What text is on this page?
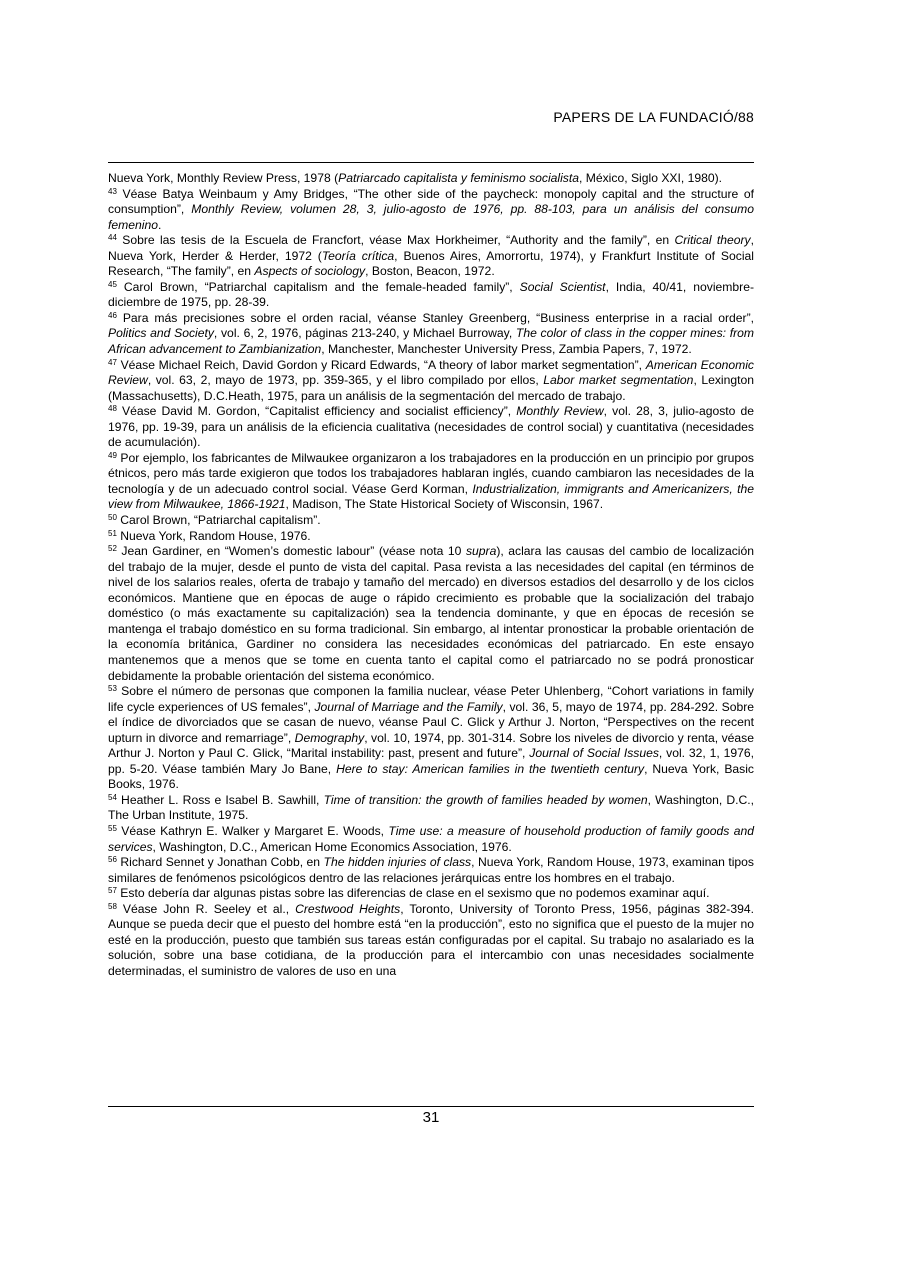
PAPERS DE LA FUNDACIÓ/88

Nueva York, Monthly Review Press, 1978 (Patriarcado capitalista y feminismo socialista, México, Siglo XXI, 1980).

$^{43}$ Véase Batya Weinbaum y Amy Bridges, “The other side of the paycheck: monopoly capital and the structure of consumption”, Monthly Review, volumen 28, 3, julio-agosto de 1976, pp. 88-103, para un análisis del consumo femenino.

$^{44}$ Sobre las tesis de la Escuela de Francfort, véase Max Horkheimer, “Authority and the family”, en Critical theory, Nueva York, Herder & Herder, 1972 (Teoría crítica, Buenos Aires, Amorrortu, 1974), y Frankfurt Institute of Social Research, “The family”, en Aspects of sociology, Boston, Beacon, 1972.

$^{45}$ Carol Brown, “Patriarchal capitalism and the female-headed family”, Social Scientist, India, 40/41, noviembre-diciembre de 1975, pp. 28-39.

$^{46}$ Para más precisiones sobre el orden racial, véanse Stanley Greenberg, “Business enterprise in a racial order”, Politics and Society, vol. 6, 2, 1976, páginas 213-240, y Michael Burroway, The color of class in the copper mines: from African advancement to Zambianization, Manchester, Manchester University Press, Zambia Papers, 7, 1972.

$^{47}$ Véase Michael Reich, David Gordon y Ricard Edwards, “A theory of labor market segmentation”, American Economic Review, vol. 63, 2, mayo de 1973, pp. 359-365, y el libro compilado por ellos, Labor market segmentation, Lexington (Massachusetts), D.C.Heath, 1975, para un análisis de la segmentación del mercado de trabajo.

$^{48}$ Véase David M. Gordon, “Capitalist efficiency and socialist efficiency”, Monthly Review, vol. 28, 3, julio-agosto de 1976, pp. 19-39, para un análisis de la eficiencia cualitativa (necesidades de control social) y cuantitativa (necesidades de acumulación).

$^{49}$ Por ejemplo, los fabricantes de Milwaukee organizaron a los trabajadores en la producción en un principio por grupos étnicos, pero más tarde exigieron que todos los trabajadores hablaran inglés, cuando cambiaron las necesidades de la tecnología y de un adecuado control social. Véase Gerd Korman, Industrialization, immigrants and Americanizers, the view from Milwaukee, 1866-1921, Madison, The State Historical Society of Wisconsin, 1967.

$^{50}$ Carol Brown, “Patriarchal capitalism”.

$^{51}$ Nueva York, Random House, 1976.

$^{52}$ Jean Gardiner, en “Women’s domestic labour” (véase nota 10 supra), aclara las causas del cambio de localización del trabajo de la mujer, desde el punto de vista del capital. Pasa revista a las necesidades del capital (en términos de nivel de los salarios reales, oferta de trabajo y tamaño del mercado) en diversos estadios del desarrollo y de los ciclos económicos. Mantiene que en épocas de auge o rápido crecimiento es probable que la socialización del trabajo doméstico (o más exactamente su capitalización) sea la tendencia dominante, y que en épocas de recesión se mantenga el trabajo doméstico en su forma tradicional. Sin embargo, al intentar pronosticar la probable orientación de la economía británica, Gardiner no considera las necesidades económicas del patriarcado. En este ensayo mantenemos que a menos que se tome en cuenta tanto el capital como el patriarcado no se podrá pronosticar debidamente la probable orientación del sistema económico.

$^{53}$ Sobre el número de personas que componen la familia nuclear, véase Peter Uhlenberg, “Cohort variations in family life cycle experiences of US females”, Journal of Marriage and the Family, vol. 36, 5, mayo de 1974, pp. 284-292. Sobre el índice de divorciados que se casan de nuevo, véanse Paul C. Glick y Arthur J. Norton, “Perspectives on the recent upturn in divorce and remarriage”, Demography, vol. 10, 1974, pp. 301-314. Sobre los niveles de divorcio y renta, véase Arthur J. Norton y Paul C. Glick, “Marital instability: past, present and future”, Journal of Social Issues, vol. 32, 1, 1976, pp. 5-20. Véase también Mary Jo Bane, Here to stay: American families in the twentieth century, Nueva York, Basic Books, 1976.

$^{54}$ Heather L. Ross e Isabel B. Sawhill, Time of transition: the growth of families headed by women, Washington, D.C., The Urban Institute, 1975.

$^{55}$ Véase Kathryn E. Walker y Margaret E. Woods, Time use: a measure of household production of family goods and services, Washington, D.C., American Home Economics Association, 1976.

$^{56}$ Richard Sennet y Jonathan Cobb, en The hidden injuries of class, Nueva York, Random House, 1973, examinan tipos similares de fenómenos psicológicos dentro de las relaciones jerárquicas entre los hombres en el trabajo.

$^{57}$ Esto debería dar algunas pistas sobre las diferencias de clase en el sexismo que no podemos examinar aquí.

$^{58}$ Véase John R. Seeley et al., Crestwood Heights, Toronto, University of Toronto Press, 1956, páginas 382-394. Aunque se pueda decir que el puesto del hombre está “en la producción”, esto no significa que el puesto de la mujer no esté en la producción, puesto que también sus tareas están configuradas por el capital. Su trabajo no asalariado es la solución, sobre una base cotidiana, de la producción para el intercambio con unas necesidades socialmente determinadas, el suministro de valores de uso en una

31
